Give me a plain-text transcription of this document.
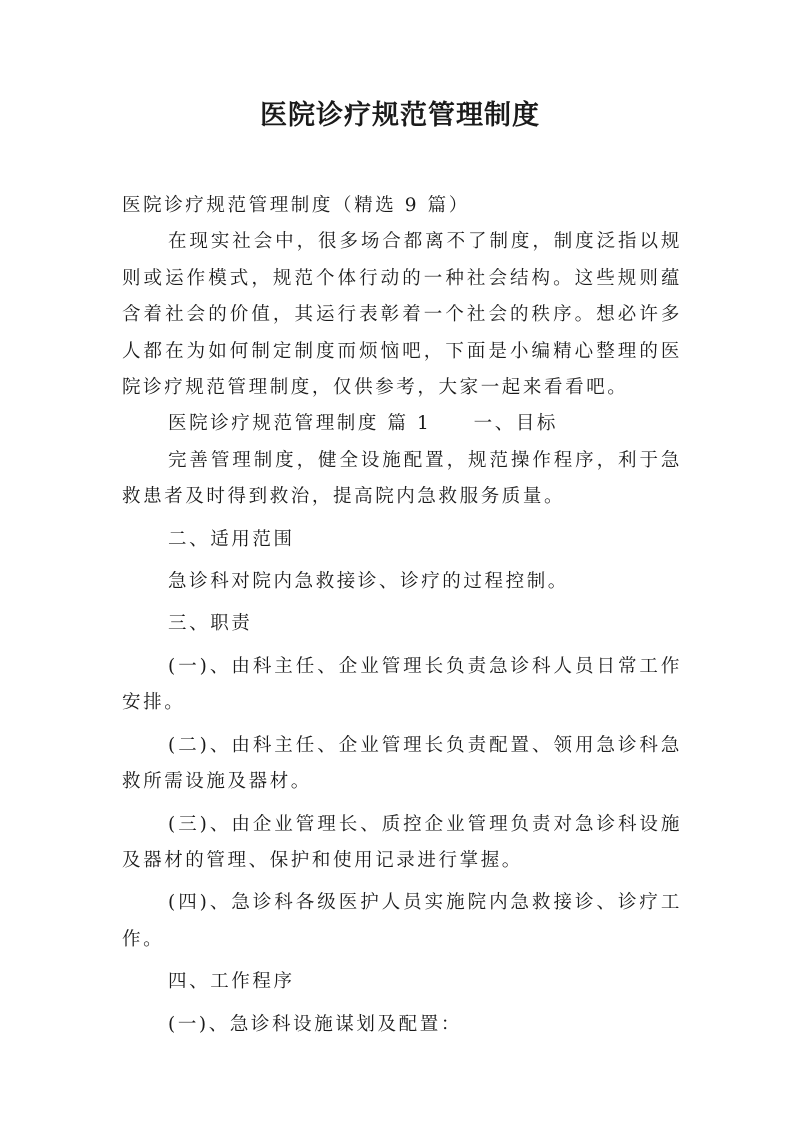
医院诊疗规范管理制度

医院诊疗规范管理制度（精选 9 篇）

在现实社会中，很多场合都离不了制度，制度泛指以规则或运作模式，规范个体行动的一种社会结构。这些规则蕴含着社会的价值，其运行表彰着一个社会的秩序。想必许多人都在为如何制定制度而烦恼吧，下面是小编精心整理的医院诊疗规范管理制度，仅供参考，大家一起来看看吧。

医院诊疗规范管理制度 篇 1　　一、目标

完善管理制度，健全设施配置，规范操作程序，利于急救患者及时得到救治，提高院内急救服务质量。

二、适用范围

急诊科对院内急救接诊、诊疗的过程控制。

三、职责

(一)、由科主任、企业管理长负责急诊科人员日常工作安排。

(二)、由科主任、企业管理长负责配置、领用急诊科急救所需设施及器材。

(三)、由企业管理长、质控企业管理负责对急诊科设施及器材的管理、保护和使用记录进行掌握。

(四)、急诊科各级医护人员实施院内急救接诊、诊疗工作。

四、工作程序

(一)、急诊科设施谋划及配置：
